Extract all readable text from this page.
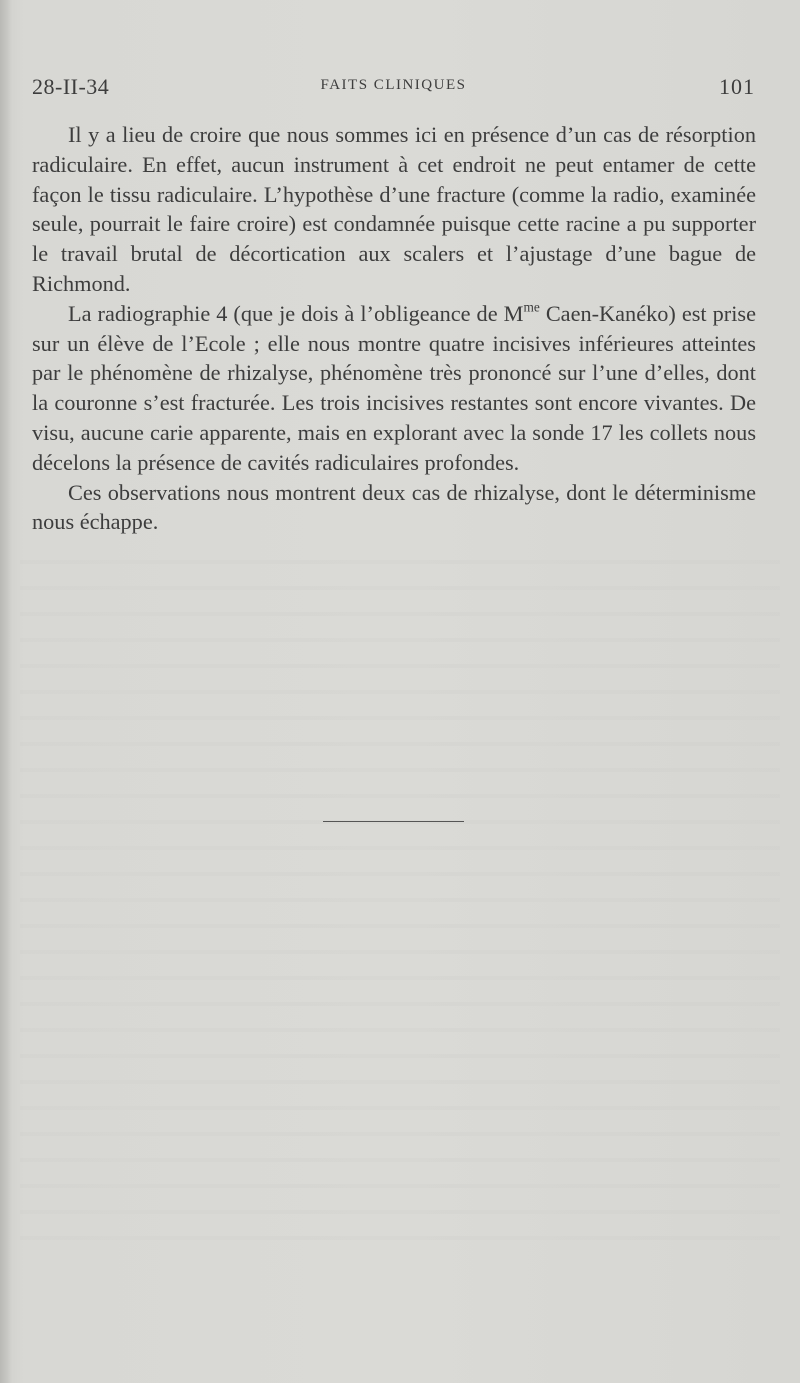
28-II-34	FAITS CLINIQUES	101

Il y a lieu de croire que nous sommes ici en présence d’un cas de résorption radiculaire. En effet, aucun instrument à cet endroit ne peut entamer de cette façon le tissu radiculaire. L’hypothèse d’une fracture (comme la radio, examinée seule, pourrait le faire croire) est condamnée puisque cette racine a pu supporter le travail brutal de décortication aux scalers et l’ajustage d’une bague de Richmond.

La radiographie 4 (que je dois à l’obligeance de $M^{me}$ Caen-Kanéko) est prise sur un élève de l’Ecole ; elle nous montre quatre incisives inférieures atteintes par le phénomène de rhizalyse, phénomène très prononcé sur l’une d’elles, dont la couronne s’est fracturée. Les trois incisives restantes sont encore vivantes. De visu, aucune carie apparente, mais en explorant avec la sonde 17 les collets nous décelons la présence de cavités radiculaires profondes.

Ces observations nous montrent deux cas de rhizalyse, dont le déterminisme nous échappe.
